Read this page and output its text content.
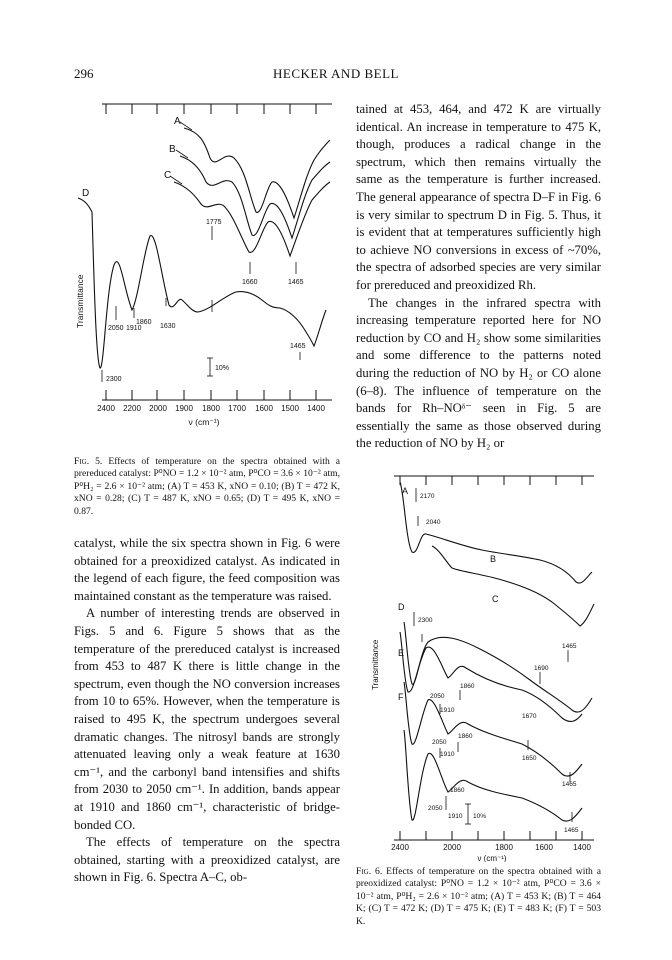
296	HECKER AND BELL
A
B
C
D
1775
1660	1465
2050 1910
1860
1630
1465
2300
10%
Transmittance
2400 2200 2000 1900 1800 1700 1600 1500 1400
ν (cm⁻¹)
Fig. 5. Effects of temperature on the spectra obtained with a prereduced catalyst: P⁰NO = 1.2 × 10⁻² atm, P⁰CO = 3.6 × 10⁻² atm, P⁰H₂ = 2.6 × 10⁻² atm; (A) T = 453 K, xNO = 0.10; (B) T = 472 K, xNO = 0.28; (C) T = 487 K, xNO = 0.65; (D) T = 495 K, xNO = 0.87.

catalyst, while the six spectra shown in Fig. 6 were obtained for a preoxidized catalyst. As indicated in the legend of each figure, the feed composition was maintained constant as the temperature was raised.

A number of interesting trends are observed in Figs. 5 and 6. Figure 5 shows that as the temperature of the prereduced catalyst is increased from 453 to 487 K there is little change in the spectrum, even though the NO conversion increases from 10 to 65%. However, when the temperature is raised to 495 K, the spectrum undergoes several dramatic changes. The nitrosyl bands are strongly attenuated leaving only a weak feature at 1630 cm⁻¹, and the carbonyl band intensifies and shifts from 2030 to 2050 cm⁻¹. In addition, bands appear at 1910 and 1860 cm⁻¹, characteristic of bridge-bonded CO.

The effects of temperature on the spectra obtained, starting with a preoxidized catalyst, are shown in Fig. 6. Spectra A–C, ob-

tained at 453, 464, and 472 K are virtually identical. An increase in temperature to 475 K, though, produces a radical change in the spectrum, which then remains virtually the same as the temperature is further increased. The general appearance of spectra D–F in Fig. 6 is very similar to spectrum D in Fig. 5. Thus, it is evident that at temperatures sufficiently high to achieve NO conversions in excess of ~70%, the spectra of adsorbed species are very similar for prereduced and preoxidized Rh.

The changes in the infrared spectra with increasing temperature reported here for NO reduction by CO and H₂ show some similarities and some difference to the patterns noted during the reduction of NO by H₂ or CO alone (6–8). The influence of temperature on the bands for Rh–NOᵟ⁻ seen in Fig. 5 are essentially the same as those observed during the reduction of NO by H₂ or

A
B
C
D
E
F
2170
2040
2300
1465
1690
2050
1860
1910
1670
2050
1860
1910
1650
1465
1860
2050
1910
1465
10%
Transmittance
2400	2000	1800	1600	1400
ν (cm⁻¹)
Fig. 6. Effects of temperature on the spectra obtained with a preoxidized catalyst: P⁰NO = 1.2 × 10⁻² atm, P⁰CO = 3.6 × 10⁻² atm, P⁰H₂ = 2.6 × 10⁻² atm; (A) T = 453 K; (B) T = 464 K; (C) T = 472 K; (D) T = 475 K; (E) T = 483 K; (F) T = 503 K.
